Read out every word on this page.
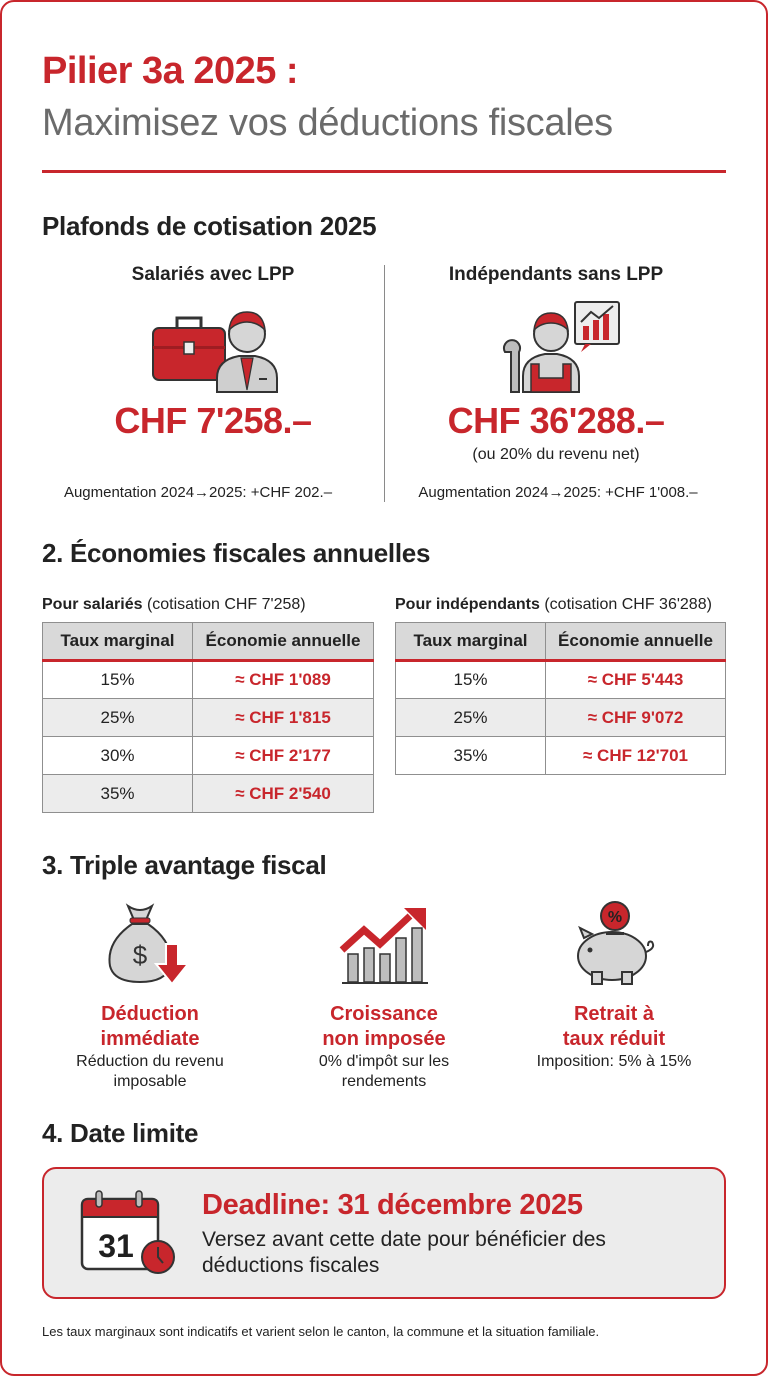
Pilier 3a 2025 :
Maximisez vos déductions fiscales
Plafonds de cotisation 2025
Salariés avec LPP
CHF 7'258.–
Augmentation 2024→2025: +CHF 202.–
Indépendants sans LPP
CHF 36'288.–
(ou 20% du revenu net)
Augmentation 2024→2025: +CHF 1'008.–
2. Économies fiscales annuelles
Pour salariés (cotisation CHF 7'258)
Taux marginal	Économie annuelle
15%	≈ CHF 1'089
25%	≈ CHF 1'815
30%	≈ CHF 2'177
35%	≈ CHF 2'540
Pour indépendants (cotisation CHF 36'288)
Taux marginal	Économie annuelle
15%	≈ CHF 5'443
25%	≈ CHF 9'072
35%	≈ CHF 12'701
3. Triple avantage fiscal
$
Déduction
immédiate
Réduction du revenu
imposable
Croissance
non imposée
0% d'impôt sur les
rendements
%
Retrait à
taux réduit
Imposition: 5% à 15%
4. Date limite
31
Deadline: 31 décembre 2025
Versez avant cette date pour bénéficier des déductions fiscales
Les taux marginaux sont indicatifs et varient selon le canton, la commune et la situation familiale.
